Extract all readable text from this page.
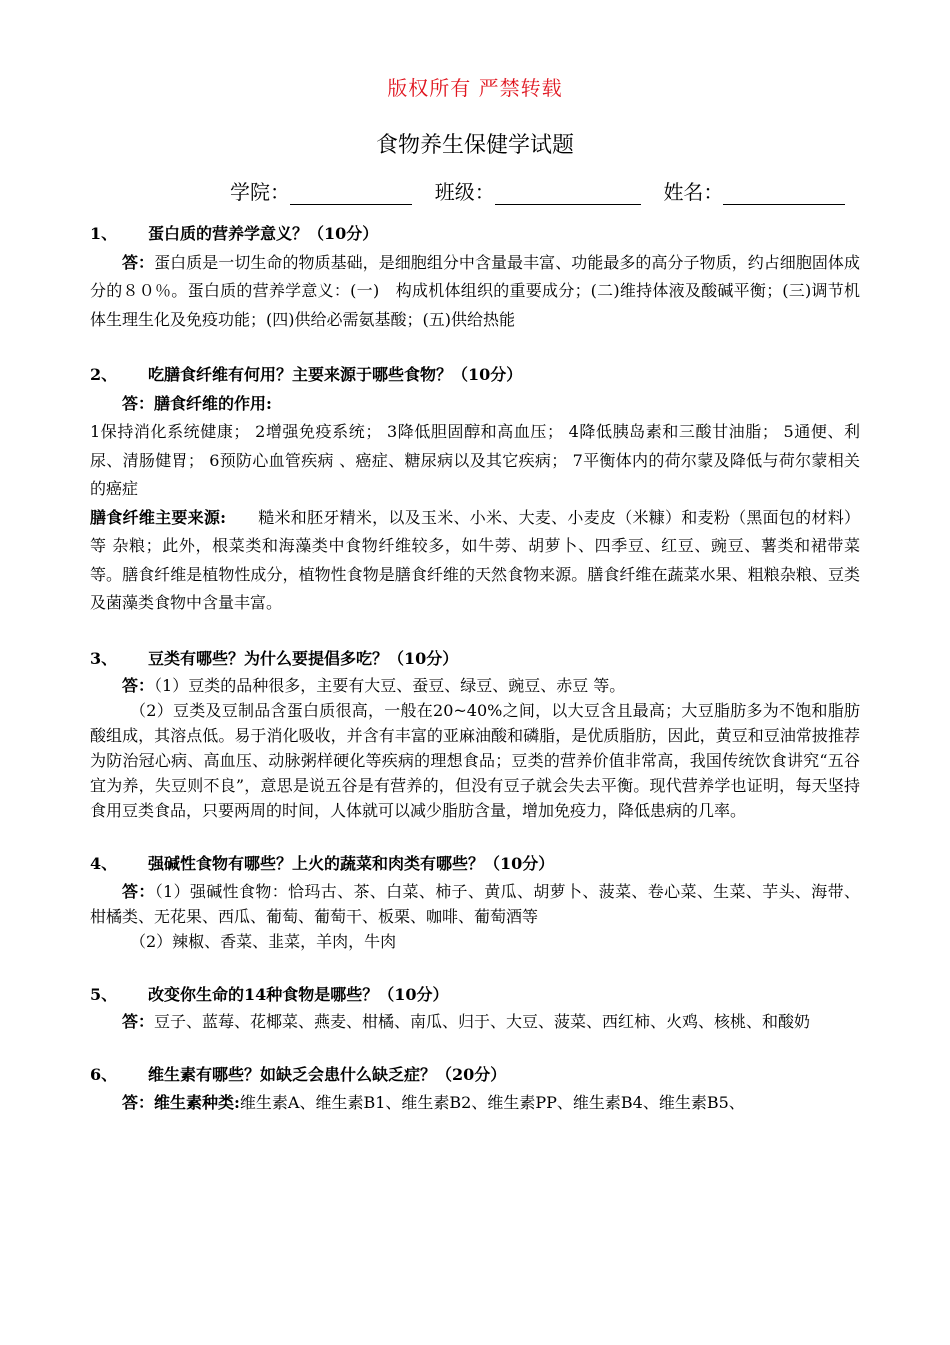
版权所有 严禁转载
食物养生保健学试题
学院：	班级：	姓名：
1、 蛋白质的营养学意义？（10分）
答：蛋白质是一切生命的物质基础，是细胞组分中含量最丰富、功能最多的高分子物质，约占细胞固体成分的８０％。蛋白质的营养学意义：(一)　构成机体组织的重要成分；(二)维持体液及酸碱平衡；(三)调节机体生理生化及免疫功能；(四)供给必需氨基酸；(五)供给热能
2、 吃膳食纤维有何用？主要来源于哪些食物？（10分）
答：膳食纤维的作用:
1保持消化系统健康； 2增强免疫系统； 3降低胆固醇和高血压； 4降低胰岛素和三酸甘油脂； 5通便、利尿、清肠健胃； 6预防心血管疾病 、癌症、糖尿病以及其它疾病； 7平衡体内的荷尔蒙及降低与荷尔蒙相关的癌症
膳食纤维主要来源: 糙米和胚牙精米，以及玉米、小米、大麦、小麦皮（米糠）和麦粉（黑面包的材料）等 杂粮；此外，根菜类和海藻类中食物纤维较多，如牛蒡、胡萝卜、四季豆、红豆、豌豆、薯类和裙带菜等。膳食纤维是植物性成分，植物性食物是膳食纤维的天然食物来源。膳食纤维在蔬菜水果、粗粮杂粮、豆类及菌藻类食物中含量丰富。
3、 豆类有哪些？为什么要提倡多吃？（10分）
答：（1）豆类的品种很多，主要有大豆、蚕豆、绿豆、豌豆、赤豆 等。
（2）豆类及豆制品含蛋白质很高，一般在20~40%之间，以大豆含且最高；大豆脂肪多为不饱和脂肪酸组成，其溶点低。易于消化吸收，并含有丰富的亚麻油酸和磷脂，是优质脂肪，因此，黄豆和豆油常披推荐为防治冠心病、高血压、动脉粥样硬化等疾病的理想食品；豆类的营养价值非常高，我国传统饮食讲究“五谷宜为养，失豆则不良”，意思是说五谷是有营养的，但没有豆子就会失去平衡。现代营养学也证明，每天坚持食用豆类食品，只要两周的时间，人体就可以减少脂肪含量，增加免疫力，降低患病的几率。
4、 强碱性食物有哪些？上火的蔬菜和肉类有哪些？（10分）
答：（1）强碱性食物：恰玛古、茶、白菜、柿子、黄瓜、胡萝卜、菠菜、卷心菜、生菜、芋头、海带、柑橘类、无花果、西瓜、葡萄、葡萄干、板栗、咖啡、葡萄酒等
（2）辣椒、香菜、韭菜，羊肉，牛肉
5、 改变你生命的14种食物是哪些？（10分）
答：豆子、蓝莓、花椰菜、燕麦、柑橘、南瓜、归于、大豆、菠菜、西红柿、火鸡、核桃、和酸奶
6、 维生素有哪些？如缺乏会患什么缺乏症？（20分）
答：维生素种类:维生素A、维生素B1、维生素B2、维生素PP、维生素B4、维生素B5、
